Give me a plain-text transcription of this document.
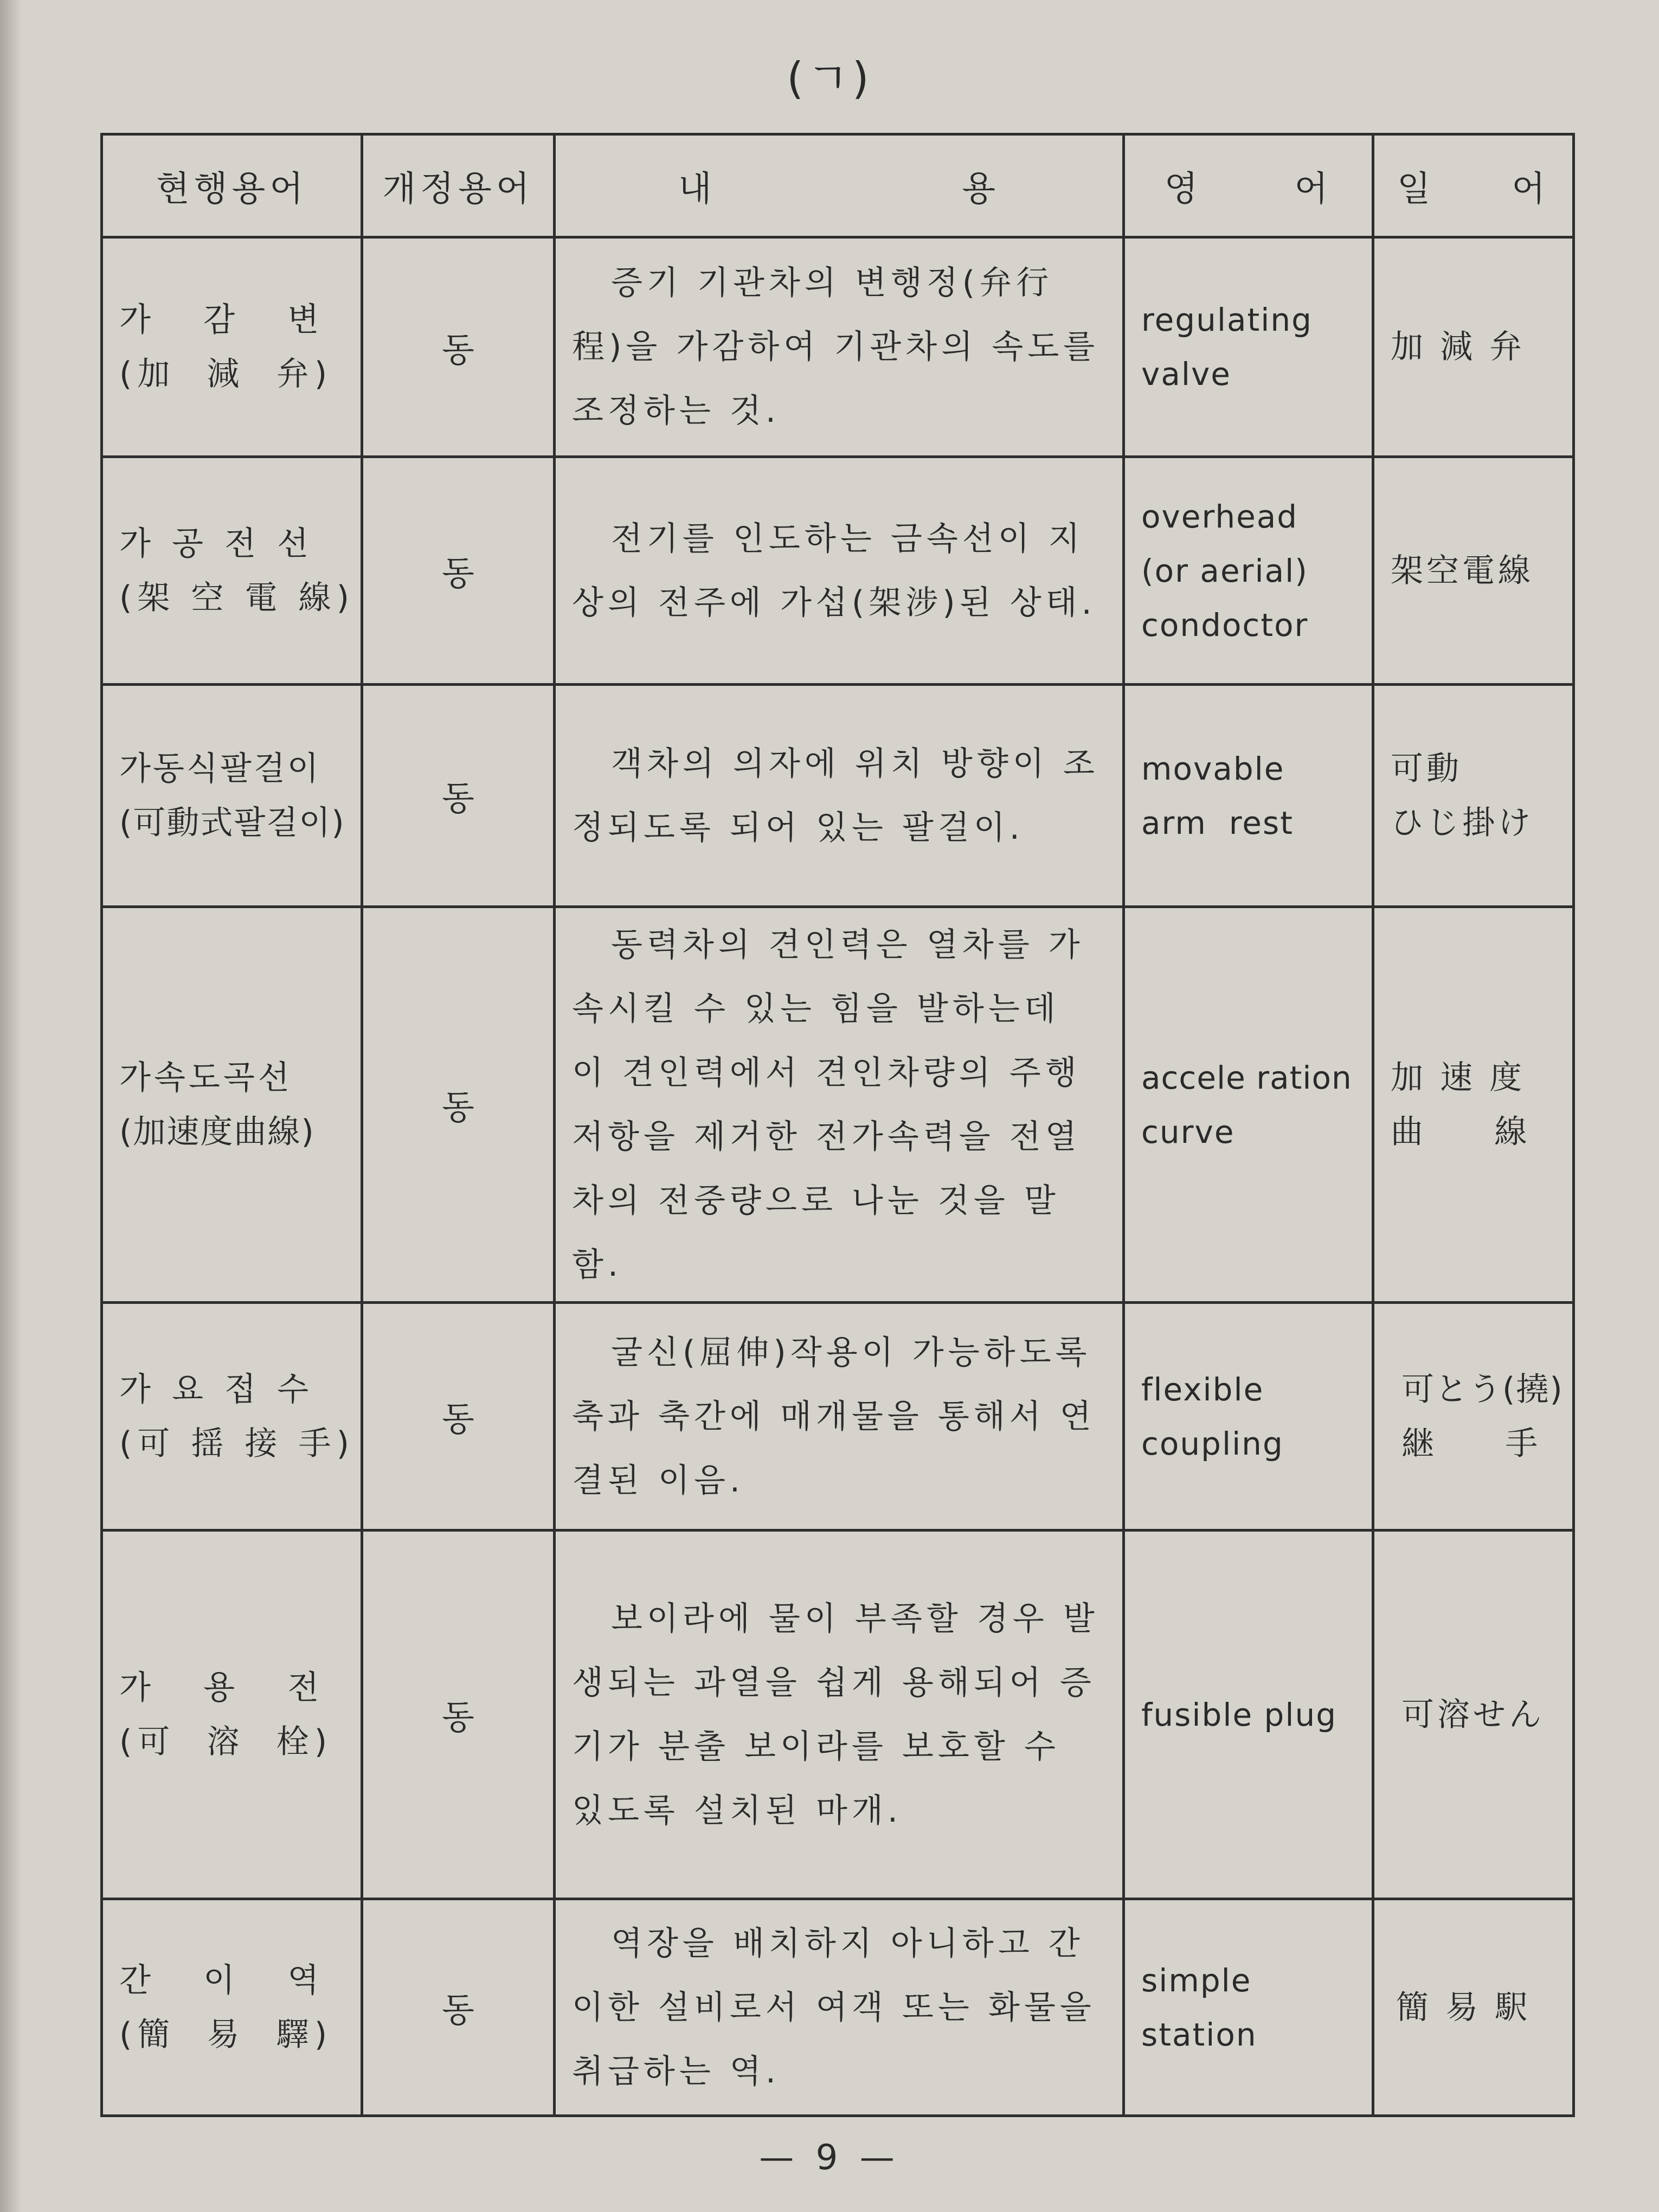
(ㄱ)
현행용어	개정용어	내                용	영      어	일     어

가   감   변
(加  減  弁)	동	증기 기관차의 변행정(弁行程)을 가감하여 기관차의 속도를 조정하는 것.	regulating
valve	加 減 弁

가 공 전 선
(架 空 電 線)	동	전기를 인도하는 금속선이 지상의 전주에 가섭(架涉)된 상태.	overhead
(or aerial)
condoctor	架空電線

가동식팔걸이
(可動式팔걸이)	동	객차의 의자에 위치 방향이 조정되도록 되어 있는 팔걸이.	movable
arm  rest	可動
ひじ掛け

가속도곡선
(加速度曲線)	동	동력차의 견인력은 열차를 가속시킬 수 있는 힘을 발하는데 이 견인력에서 견인차량의 주행 저항을 제거한 전가속력을 전열차의 전중량으로 나눈 것을 말함.	accele ration
curve	加 速 度
曲     線

가 요 접 수
(可 揺 接 手)	동	굴신(屈伸)작용이 가능하도록 축과 축간에 매개물을 통해서 연결된 이음.	flexible
coupling	可とう(撓)
継     手

가   용   전
(可  溶  栓)	동	보이라에 물이 부족할 경우 발생되는 과열을 쉽게 용해되어 증기가 분출 보이라를 보호할 수 있도록 설치된 마개.	fusible plug	可溶せん

간   이   역
(簡  易  驛)	동	역장을 배치하지 아니하고 간이한 설비로서 여객 또는 화물을 취급하는 역.	simple
station	簡 易 駅
— 9 —
